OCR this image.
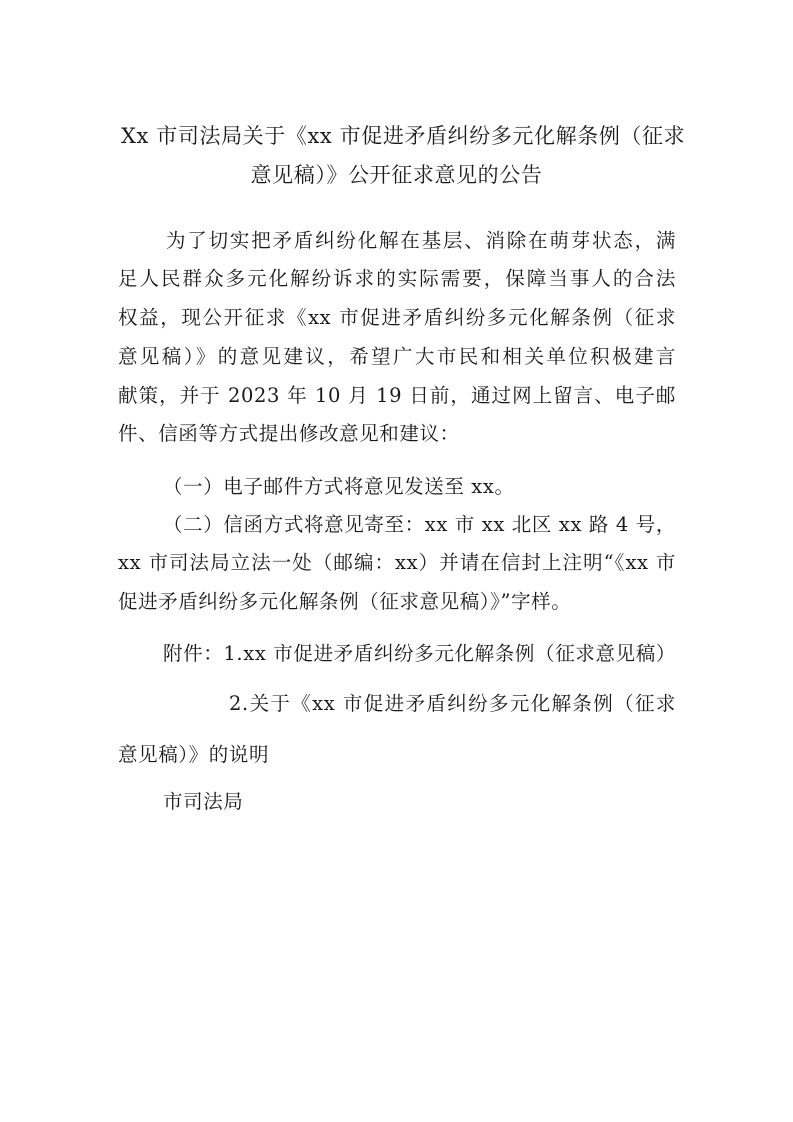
Xx 市司法局关于《xx 市促进矛盾纠纷多元化解条例（征求
意见稿）》公开征求意见的公告
为了切实把矛盾纠纷化解在基层、消除在萌芽状态，满
足人民群众多元化解纷诉求的实际需要，保障当事人的合法
权益，现公开征求《xx 市促进矛盾纠纷多元化解条例（征求
意见稿）》的意见建议，希望广大市民和相关单位积极建言
献策，并于 2023 年 10 月 19 日前，通过网上留言、电子邮
件、信函等方式提出修改意见和建议：
（一）电子邮件方式将意见发送至 xx。
（二）信函方式将意见寄至：xx 市 xx 北区 xx 路 4 号，
xx 市司法局立法一处（邮编：xx）并请在信封上注明“《xx 市
促进矛盾纠纷多元化解条例（征求意见稿）》”字样。
附件：1.xx 市促进矛盾纠纷多元化解条例（征求意见稿）
2.关于《xx 市促进矛盾纠纷多元化解条例（征求
意见稿）》的说明
市司法局
